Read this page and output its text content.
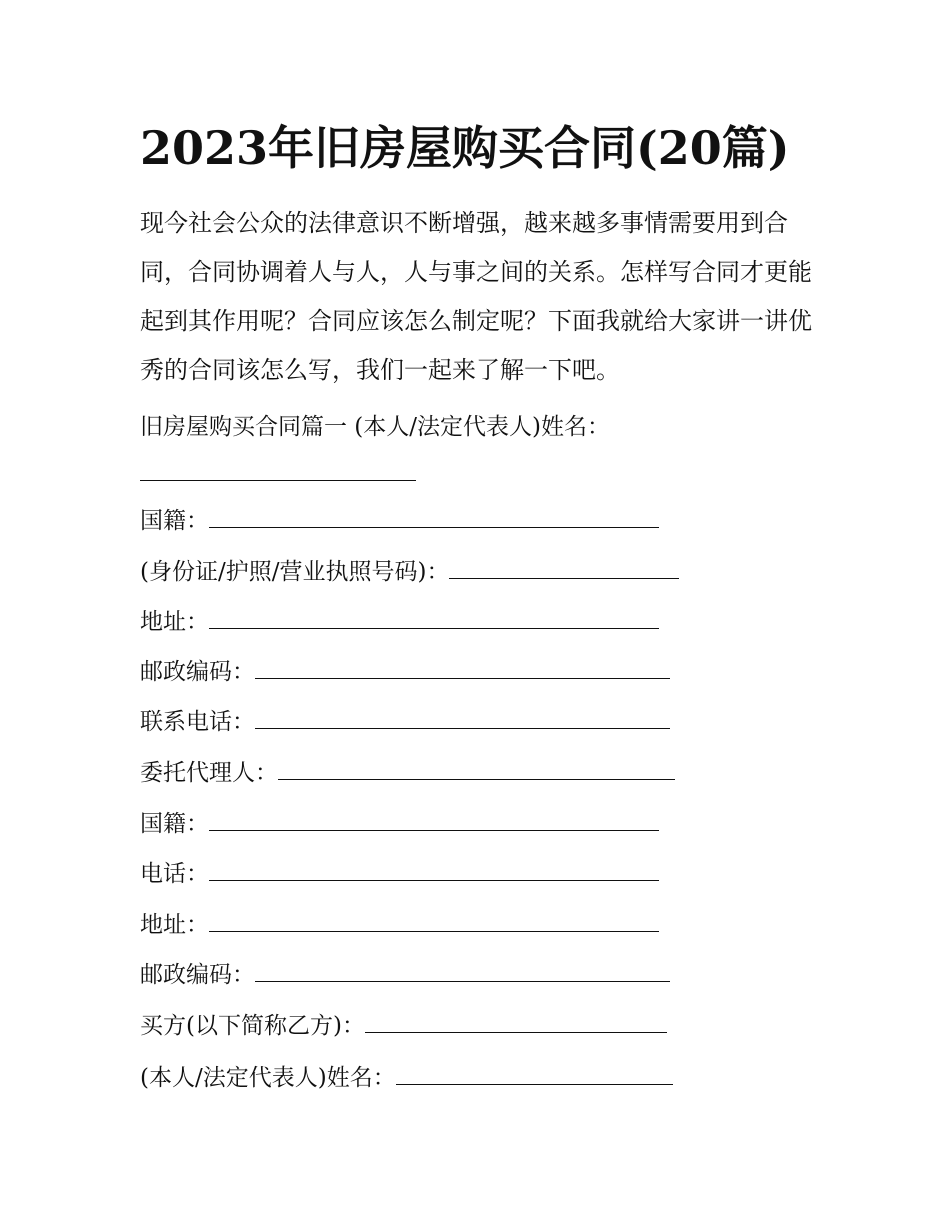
2023年旧房屋购买合同(20篇)

现今社会公众的法律意识不断增强，越来越多事情需要用到合同，合同协调着人与人，人与事之间的关系。怎样写合同才更能起到其作用呢？合同应该怎么制定呢？下面我就给大家讲一讲优秀的合同该怎么写，我们一起来了解一下吧。

旧房屋购买合同篇一 (本人/法定代表人)姓名：
国籍：
(身份证/护照/营业执照号码)：
地址：
邮政编码：
联系电话：
委托代理人：
国籍：
电话：
地址：
邮政编码：
买方(以下简称乙方)：
(本人/法定代表人)姓名：
